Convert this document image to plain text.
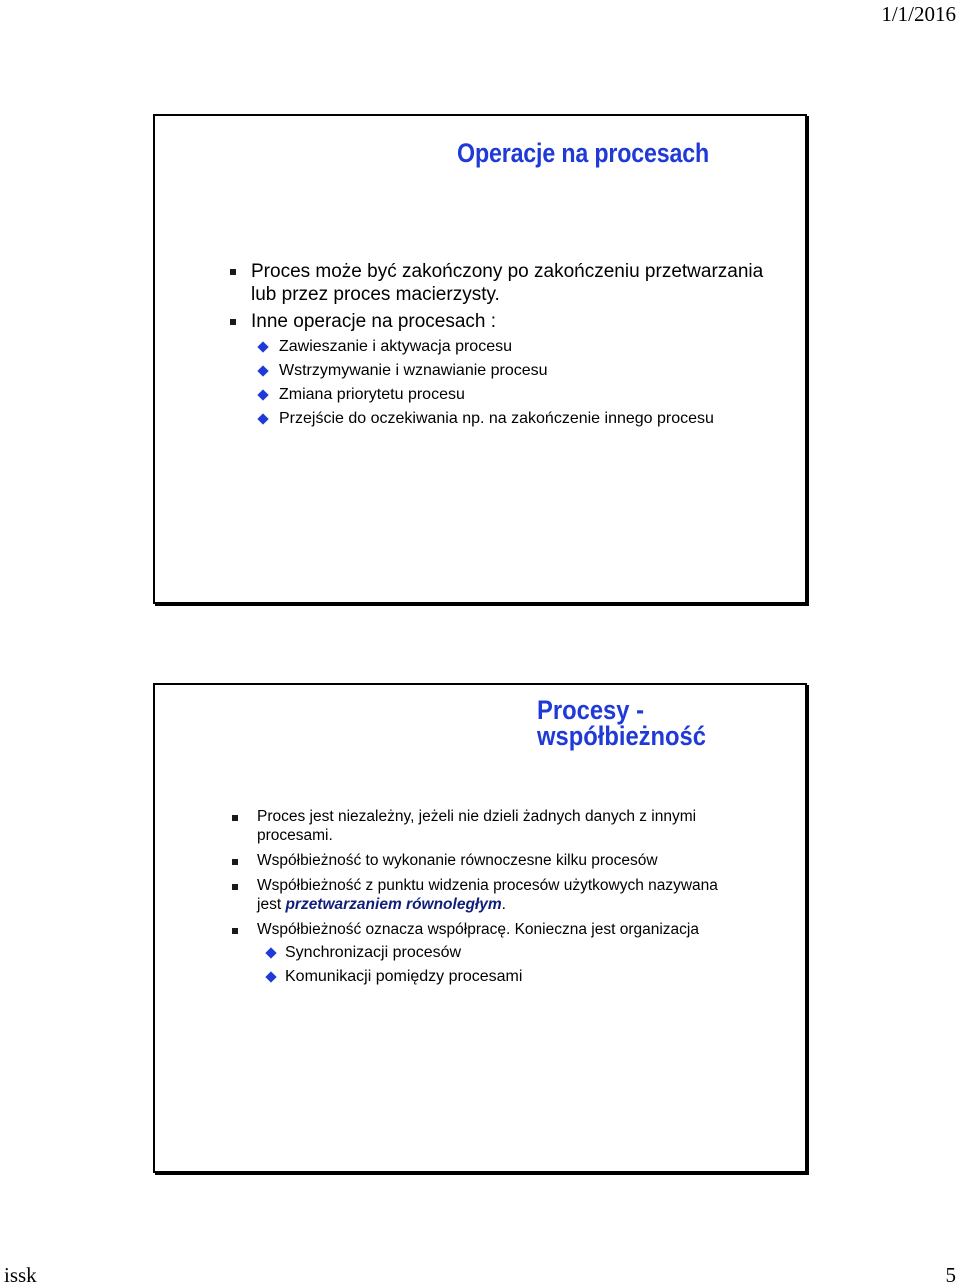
1/1/2016
Operacje na procesach
Proces może być zakończony po zakończeniu przetwarzania lub przez proces macierzysty.
Inne operacje na procesach :
Zawieszanie i aktywacja procesu
Wstrzymywanie i wznawianie procesu
Zmiana priorytetu procesu
Przejście do oczekiwania np. na zakończenie innego procesu
Procesy - współbieżność
Proces jest niezależny, jeżeli nie dzieli żadnych danych z innymi procesami.
Współbieżność to wykonanie równoczesne kilku procesów
Współbieżność z punktu widzenia procesów użytkowych nazywana jest przetwarzaniem równoległym.
Współbieżność oznacza współpracę. Konieczna jest organizacja
Synchronizacji procesów
Komunikacji pomiędzy procesami
issk	5
